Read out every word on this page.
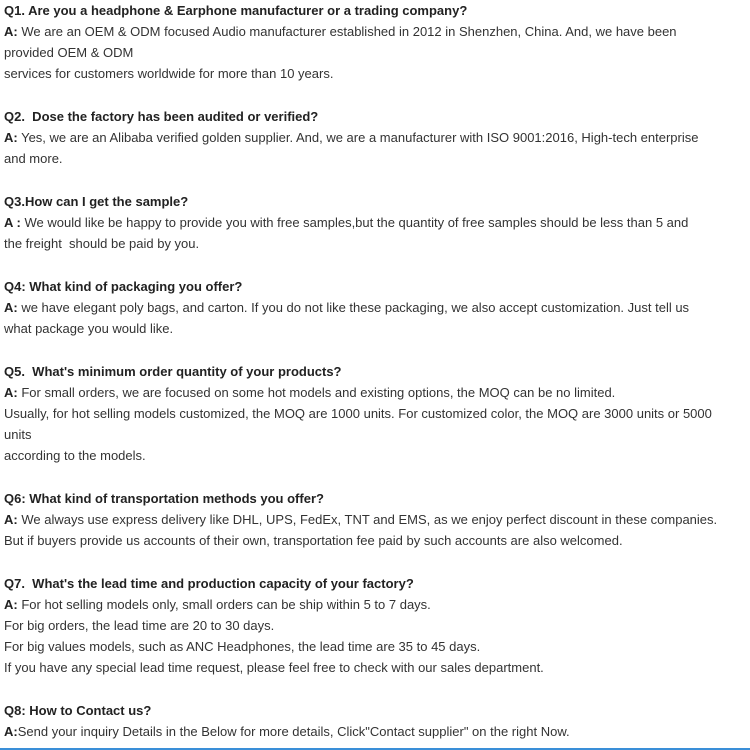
Q1. Are you a headphone & Earphone manufacturer or a trading company?

A: We are an OEM & ODM focused Audio manufacturer established in 2012 in Shenzhen, China. And, we have been

provided OEM & ODM

services for customers worldwide for more than 10 years.

Q2.  Dose the factory has been audited or verified?

A: Yes, we are an Alibaba verified golden supplier. And, we are a manufacturer with ISO 9001:2016, High-tech enterprise

and more.

Q3.How can I get the sample?

A : We would like be happy to provide you with free samples,but the quantity of free samples should be less than 5 and

the freight  should be paid by you.

Q4: What kind of packaging you offer?

A: we have elegant poly bags, and carton. If you do not like these packaging, we also accept customization. Just tell us

what package you would like.

Q5.  What's minimum order quantity of your products?

A: For small orders, we are focused on some hot models and existing options, the MOQ can be no limited.

Usually, for hot selling models customized, the MOQ are 1000 units. For customized color, the MOQ are 3000 units or 5000

units

according to the models.

Q6: What kind of transportation methods you offer?

A: We always use express delivery like DHL, UPS, FedEx, TNT and EMS, as we enjoy perfect discount in these companies.

But if buyers provide us accounts of their own, transportation fee paid by such accounts are also welcomed.

Q7.  What's the lead time and production capacity of your factory?

A: For hot selling models only, small orders can be ship within 5 to 7 days.

For big orders, the lead time are 20 to 30 days.

For big values models, such as ANC Headphones, the lead time are 35 to 45 days.

If you have any special lead time request, please feel free to check with our sales department.

Q8: How to Contact us?

A:Send your inquiry Details in the Below for more details, Click"Contact supplier" on the right Now.
